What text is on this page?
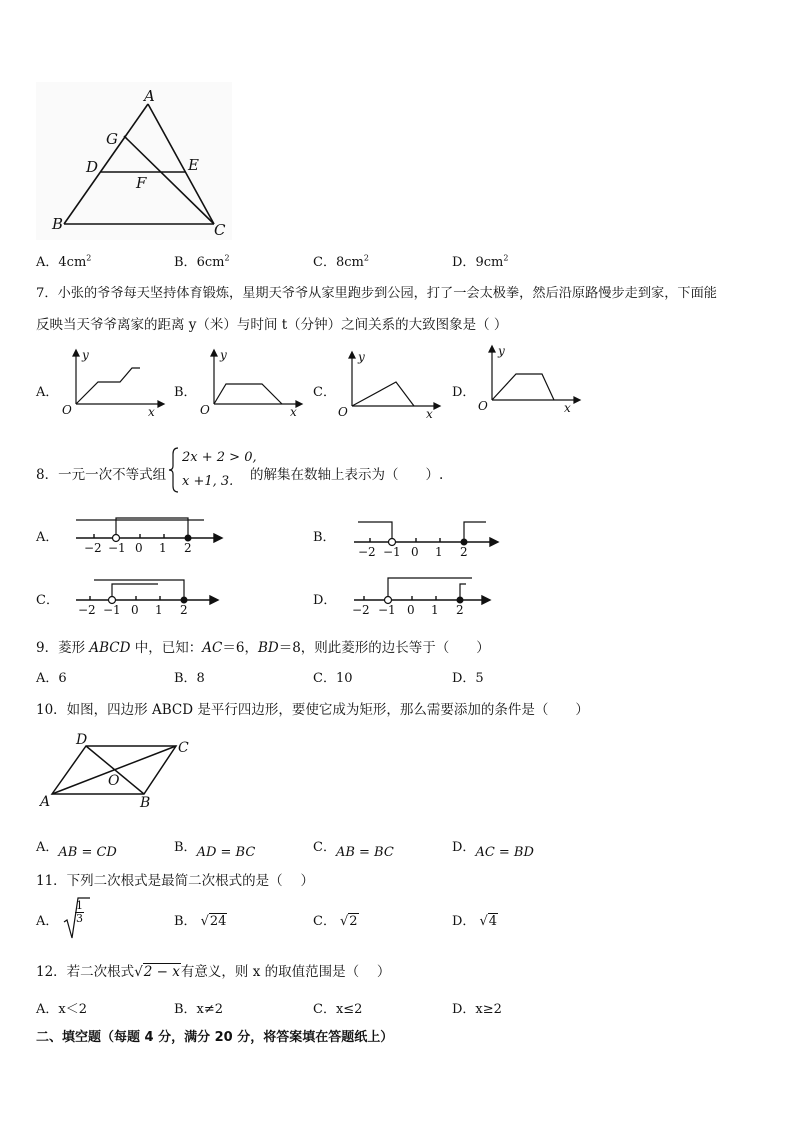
A
G
D	E
F
B	C
A．$4cm^2$	B．$6cm^2$	C．$8cm^2$	D．$9cm^2$
7．小张的爷爷每天坚持体育锻炼，星期天爷爷从家里跑步到公园，打了一会太极拳，然后沿原路慢步走到家，下面能
反映当天爷爷离家的距离 y（米）与时间 t（分钟）之间关系的大致图象是（ ）
A．
y
x
O
B．
y
x
O
C．
y
x
O
D．
y
x
O
8．一元一次不等式组
2x + 2 > 0,
x +1, 3. 的解集在数轴上表示为（　　）.
A．
−2 −1 0 1 2
B．
−2 −1 0 1 2
C．
−2 −1 0 1 2
D．
−2 −1 0 1 2
9．菱形 ABCD 中，已知：AC＝6，BD＝8，则此菱形的边长等于（　　）
A．6	B．8	C．10	D．5
10．如图，四边形 ABCD 是平行四边形，要使它成为矩形，那么需要添加的条件是（　　）
D	C
O
A	B
A．AB = CD	B．AD = BC	C．AB = BC	D．AC = BD
11．下列二次根式是最简二次根式的是（　 ）
A． $\frac{1}{3}$	B． √24	C． √2	D． √4
12．若二次根式√2 − x有意义，则 x 的取值范围是（　 ）
A．x＜2	B．x≠2	C．x≤2	D．x≥2
二、填空题（每题 4 分，满分 20 分，将答案填在答题纸上）
